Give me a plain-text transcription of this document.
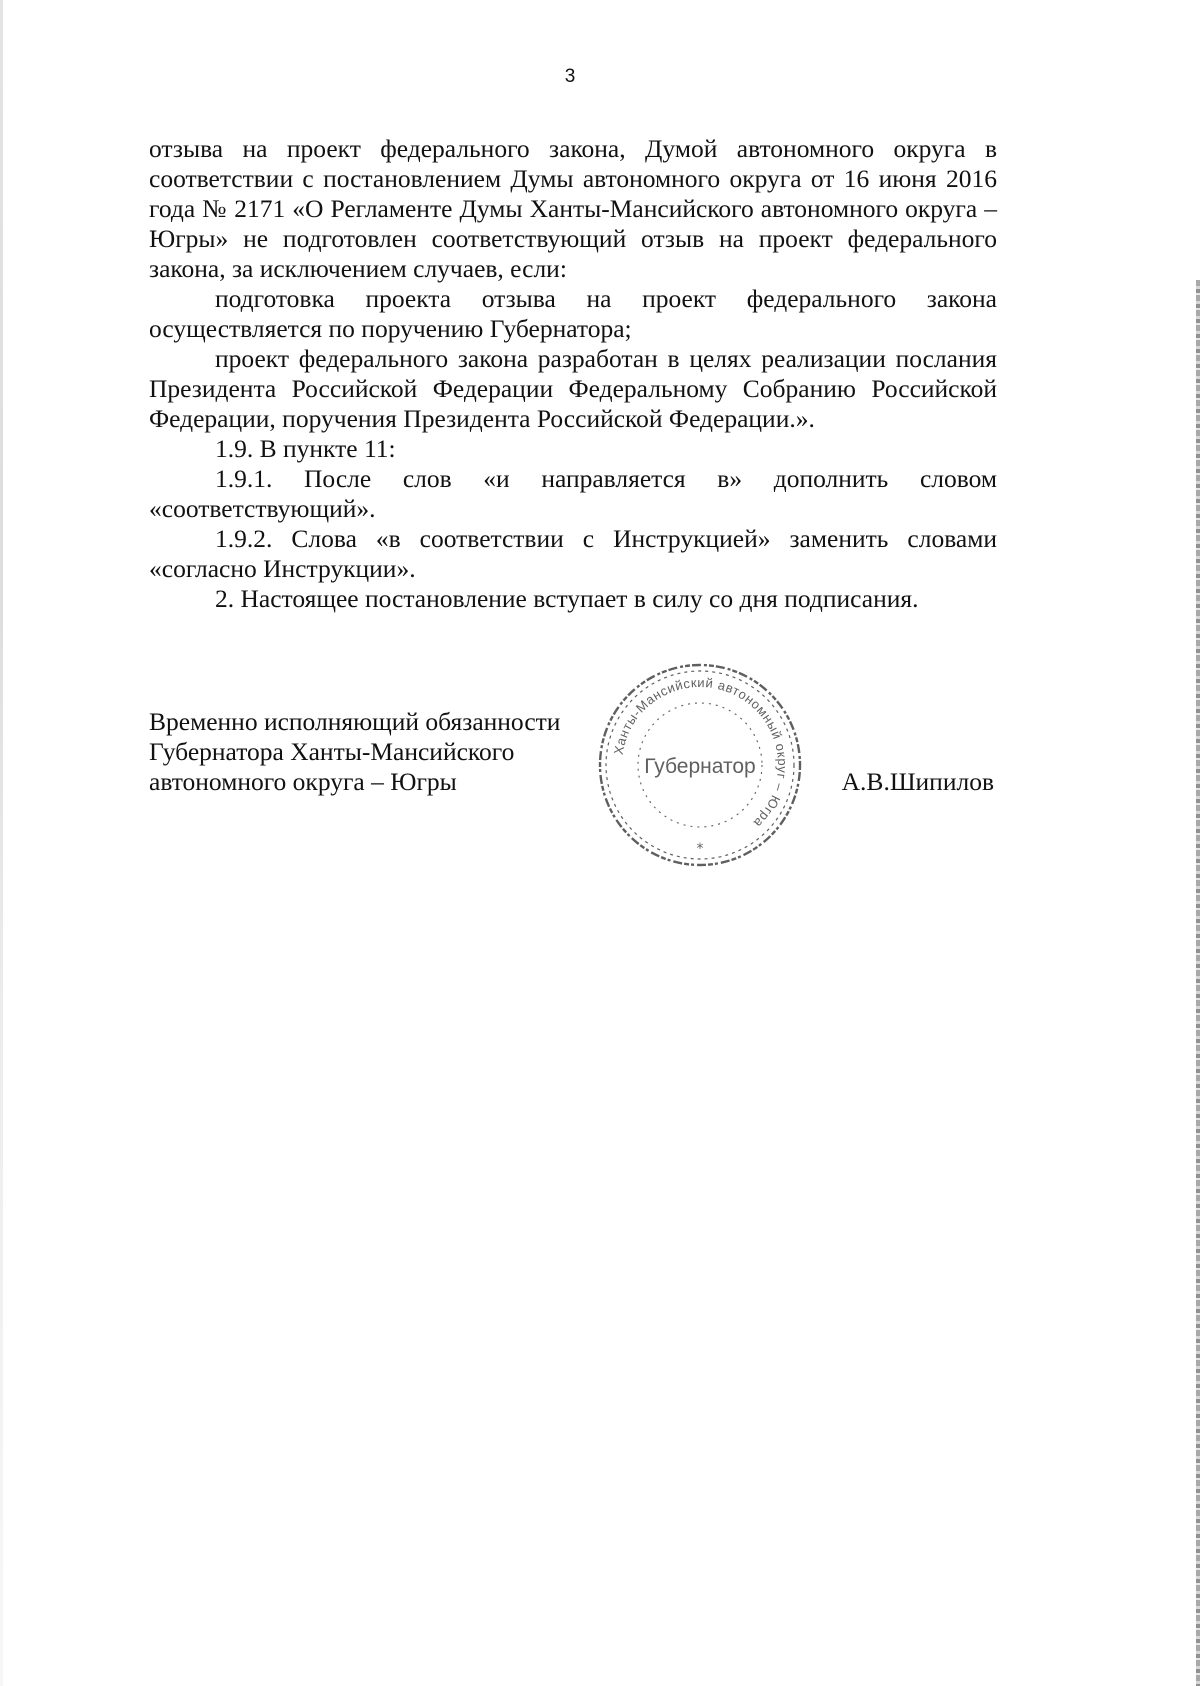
3

отзыва на проект федерального закона, Думой автономного округа в соответствии с постановлением Думы автономного округа от 16 июня 2016 года № 2171 «О Регламенте Думы Ханты-Мансийского автономного округа – Югры» не подготовлен соответствующий отзыв на проект федерального закона, за исключением случаев, если:

подготовка проекта отзыва на проект федерального закона осуществляется по поручению Губернатора;

проект федерального закона разработан в целях реализации послания Президента Российской Федерации Федеральному Собранию Российской Федерации, поручения Президента Российской Федерации.».

1.9. В пункте 11:

1.9.1. После слов «и направляется в» дополнить словом «соответствующий».

1.9.2. Слова «в соответствии с Инструкцией» заменить словами «согласно Инструкции».

2. Настоящее постановление вступает в силу со дня подписания.

Временно исполняющий обязанности
Губернатора Ханты-Мансийского
автономного округа – Югры
Ханты-Мансийский автономный округ – Югра
Губернатор
*
А.В.Шипилов
